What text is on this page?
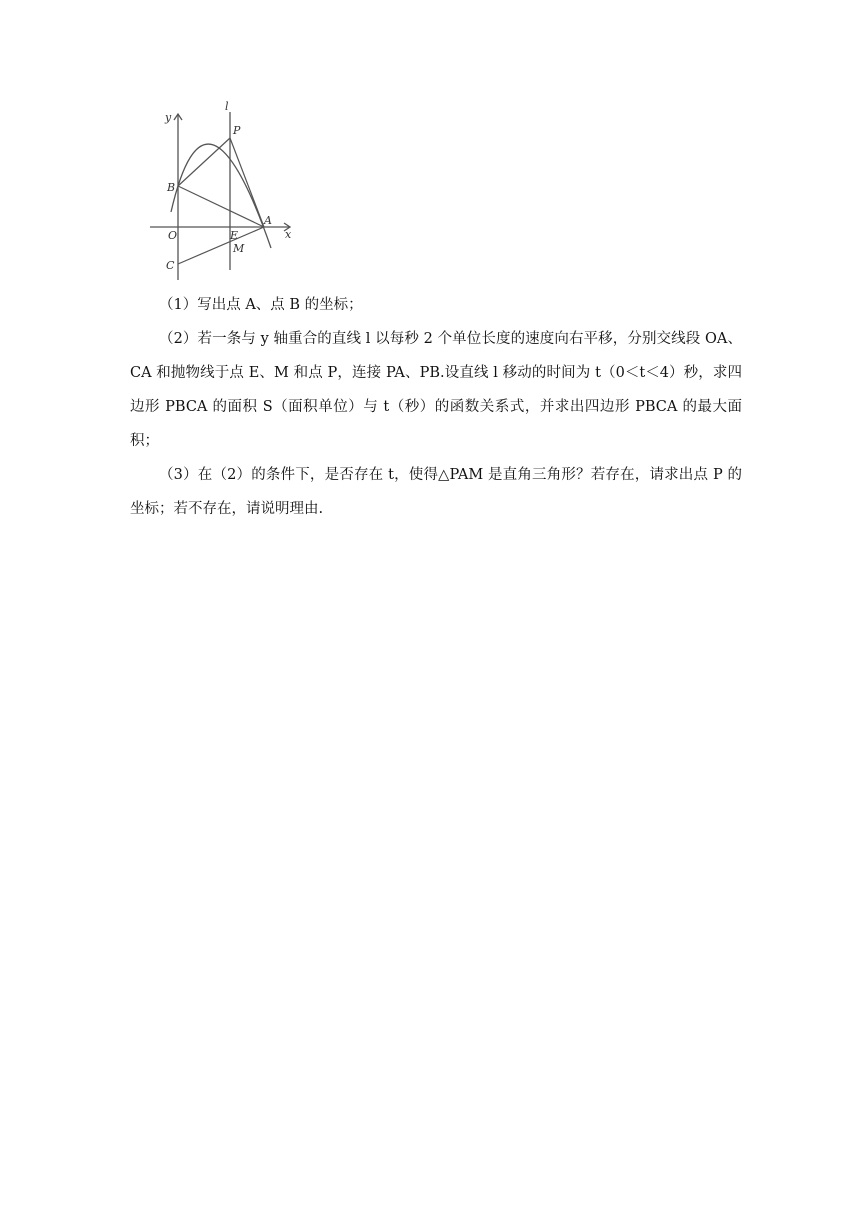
y
x
l
P
B
A
O	E
M
C

（1）写出点 A、点 B 的坐标；

（2）若一条与 y 轴重合的直线 l 以每秒 2 个单位长度的速度向右平移，分别交线段 OA、CA 和抛物线于点 E、M 和点 P，连接 PA、PB.设直线 l 移动的时间为 t（0＜t＜4）秒，求四边形 PBCA 的面积 S（面积单位）与 t（秒）的函数关系式，并求出四边形 PBCA 的最大面积；

（3）在（2）的条件下，是否存在 t，使得△PAM 是直角三角形？若存在，请求出点 P 的坐标；若不存在，请说明理由.
